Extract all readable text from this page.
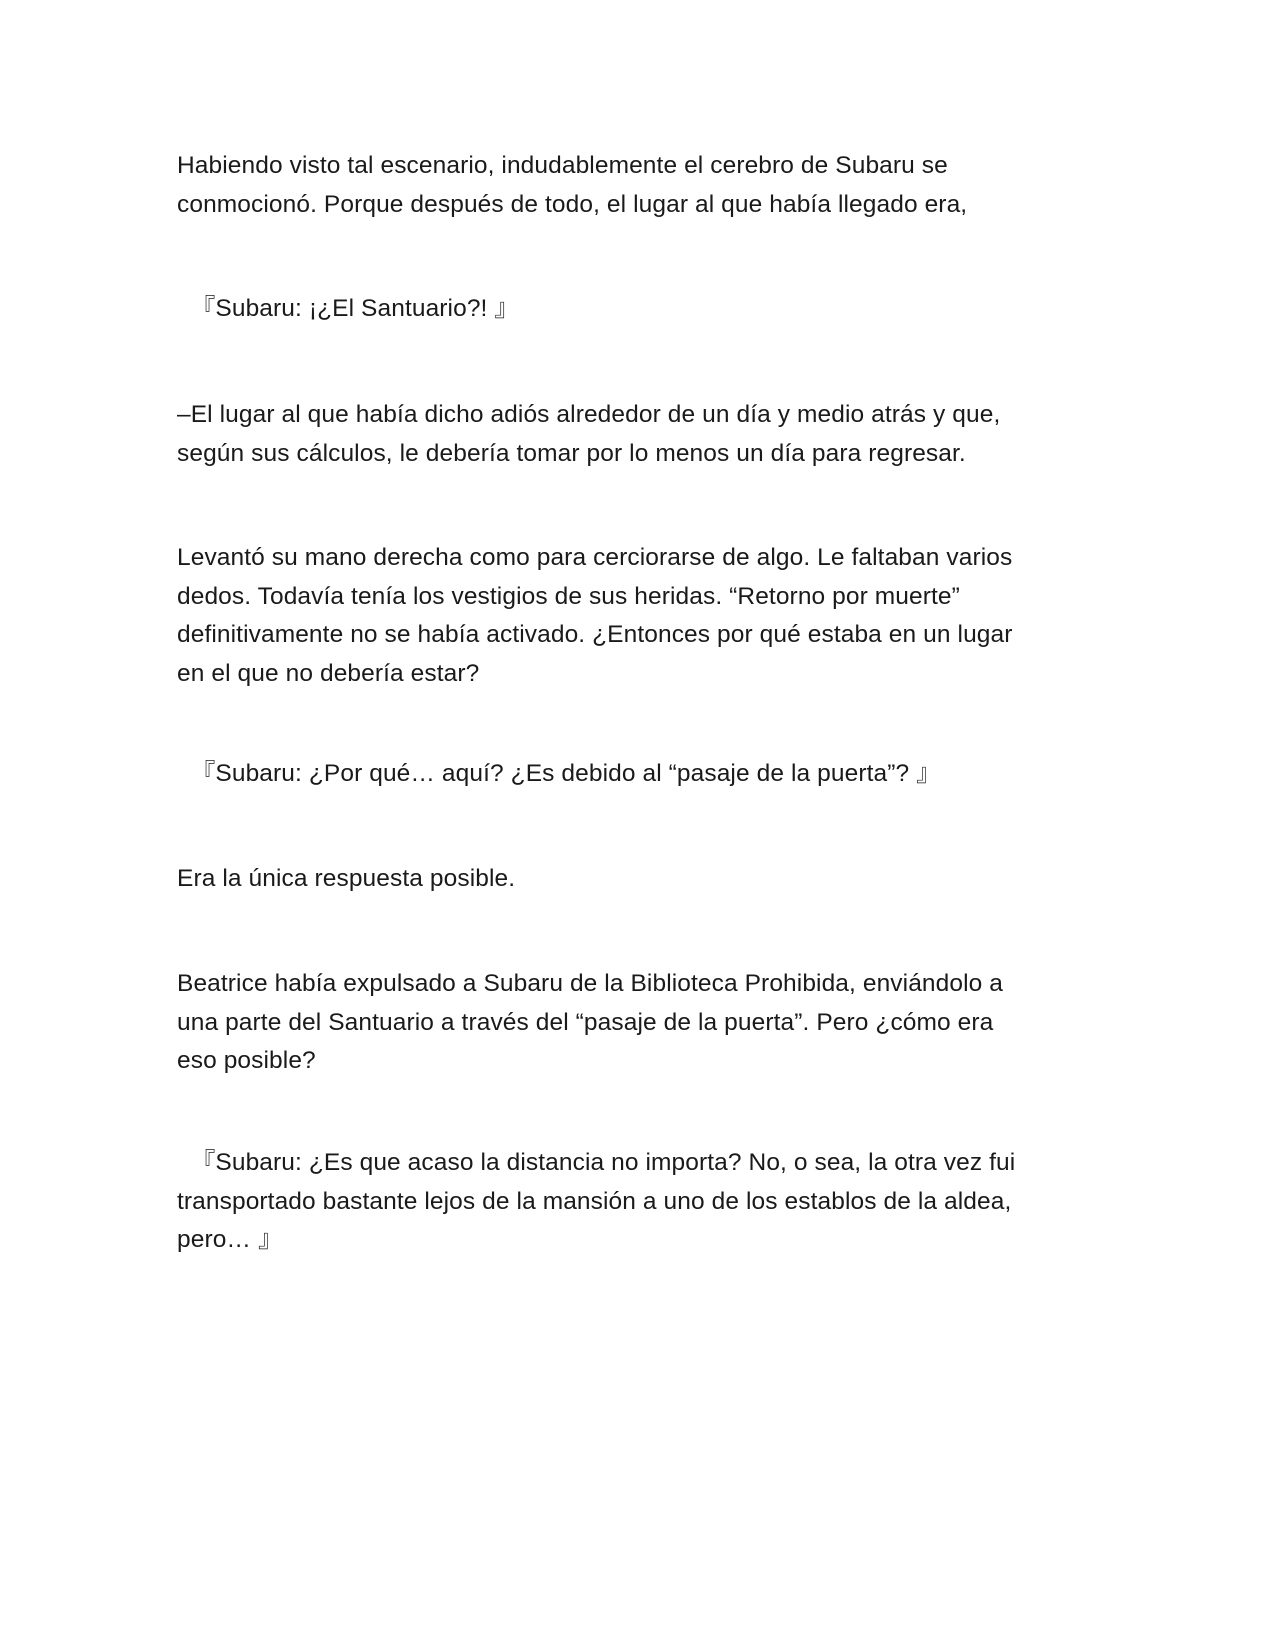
Habiendo visto tal escenario, indudablemente el cerebro de Subaru se
conmocionó. Porque después de todo, el lugar al que había llegado era,

『Subaru: ¡¿El Santuario?! 』

–El lugar al que había dicho adiós alrededor de un día y medio atrás y que,
según sus cálculos, le debería tomar por lo menos un día para regresar.

Levantó su mano derecha como para cerciorarse de algo. Le faltaban varios
dedos. Todavía tenía los vestigios de sus heridas. “Retorno por muerte”
definitivamente no se había activado. ¿Entonces por qué estaba en un lugar
en el que no debería estar?

『Subaru: ¿Por qué… aquí? ¿Es debido al “pasaje de la puerta”? 』

Era la única respuesta posible.

Beatrice había expulsado a Subaru de la Biblioteca Prohibida, enviándolo a
una parte del Santuario a través del “pasaje de la puerta”. Pero ¿cómo era
eso posible?

『Subaru: ¿Es que acaso la distancia no importa? No, o sea, la otra vez fui
transportado bastante lejos de la mansión a uno de los establos de la aldea,
pero… 』
